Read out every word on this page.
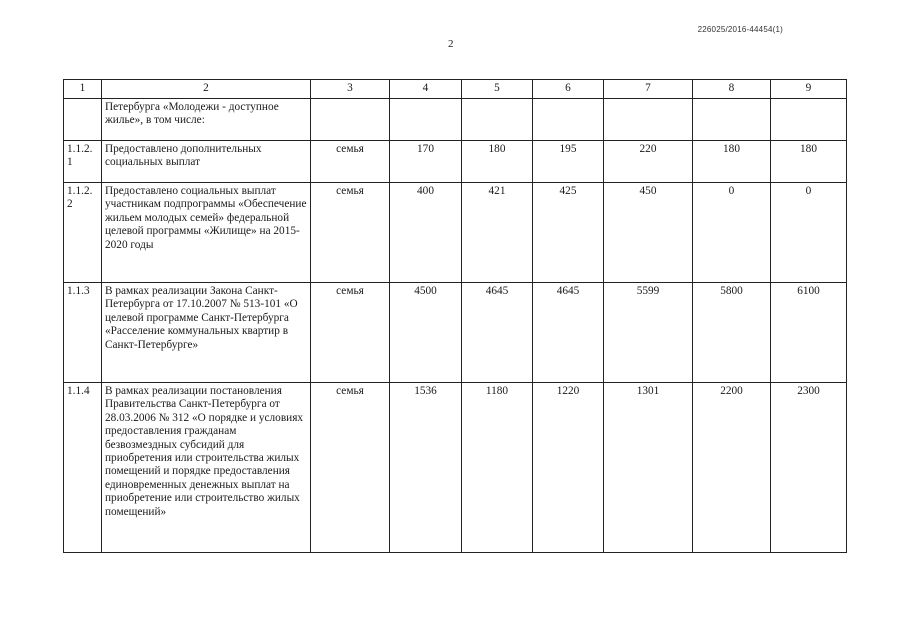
226025/2016-44454(1)
2
1	2	3	4	5	6	7	8	9
	Петербурга «Молодежи - доступное жилье», в том числе:							
1.1.2. 1	Предоставлено дополнительных социальных выплат	семья	170	180	195	220	180	180
1.1.2. 2	Предоставлено социальных выплат участникам подпрограммы «Обеспечение жильем молодых семей» федеральной целевой программы «Жилище» на 2015-2020 годы	семья	400	421	425	450	0	0
1.1.3	В рамках реализации Закона Санкт-Петербурга от 17.10.2007 № 513-101 «О целевой программе Санкт-Петербурга «Расселение коммунальных квартир в Санкт-Петербурге»	семья	4500	4645	4645	5599	5800	6100
1.1.4	В рамках реализации постановления Правительства Санкт-Петербурга от 28.03.2006 № 312 «О порядке и условиях предоставления гражданам безвозмездных субсидий для приобретения или строительства жилых помещений и порядке предоставления единовременных денежных выплат на приобретение или строительство жилых помещений»	семья	1536	1180	1220	1301	2200	2300
